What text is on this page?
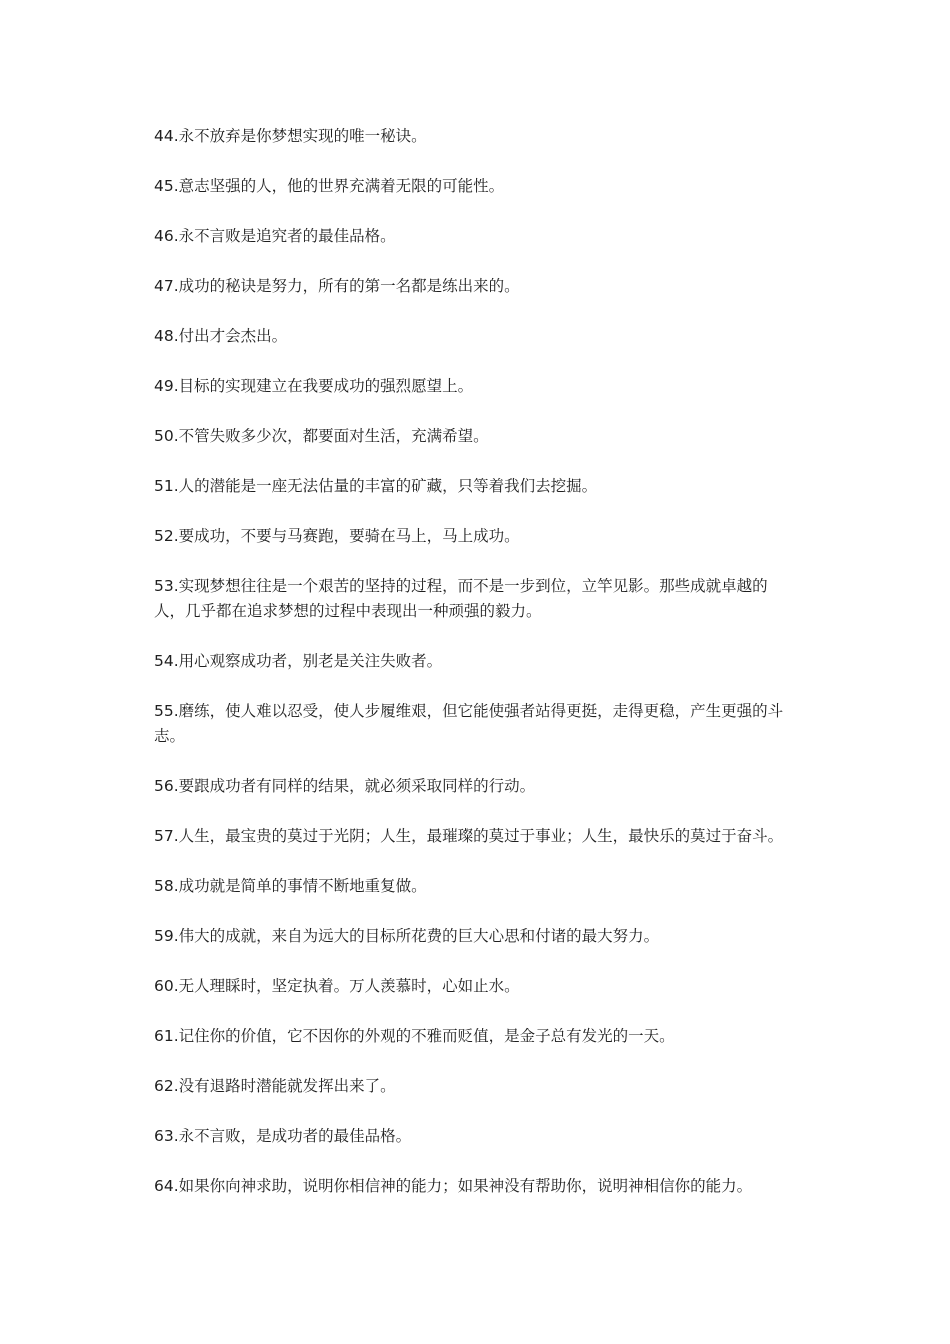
44.永不放弃是你梦想实现的唯一秘诀。

45.意志坚强的人，他的世界充满着无限的可能性。

46.永不言败是追究者的最佳品格。

47.成功的秘诀是努力，所有的第一名都是练出来的。

48.付出才会杰出。

49.目标的实现建立在我要成功的强烈愿望上。

50.不管失败多少次，都要面对生活，充满希望。

51.人的潜能是一座无法估量的丰富的矿藏，只等着我们去挖掘。

52.要成功，不要与马赛跑，要骑在马上，马上成功。

53.实现梦想往往是一个艰苦的坚持的过程，而不是一步到位，立竿见影。那些成就卓越的人，几乎都在追求梦想的过程中表现出一种顽强的毅力。

54.用心观察成功者，别老是关注失败者。

55.磨练，使人难以忍受，使人步履维艰，但它能使强者站得更挺，走得更稳，产生更强的斗志。

56.要跟成功者有同样的结果，就必须采取同样的行动。

57.人生，最宝贵的莫过于光阴；人生，最璀璨的莫过于事业；人生，最快乐的莫过于奋斗。

58.成功就是简单的事情不断地重复做。

59.伟大的成就，来自为远大的目标所花费的巨大心思和付诸的最大努力。

60.无人理睬时，坚定执着。万人羡慕时，心如止水。

61.记住你的价值，它不因你的外观的不雅而贬值，是金子总有发光的一天。

62.没有退路时潜能就发挥出来了。

63.永不言败，是成功者的最佳品格。

64.如果你向神求助，说明你相信神的能力；如果神没有帮助你，说明神相信你的能力。
